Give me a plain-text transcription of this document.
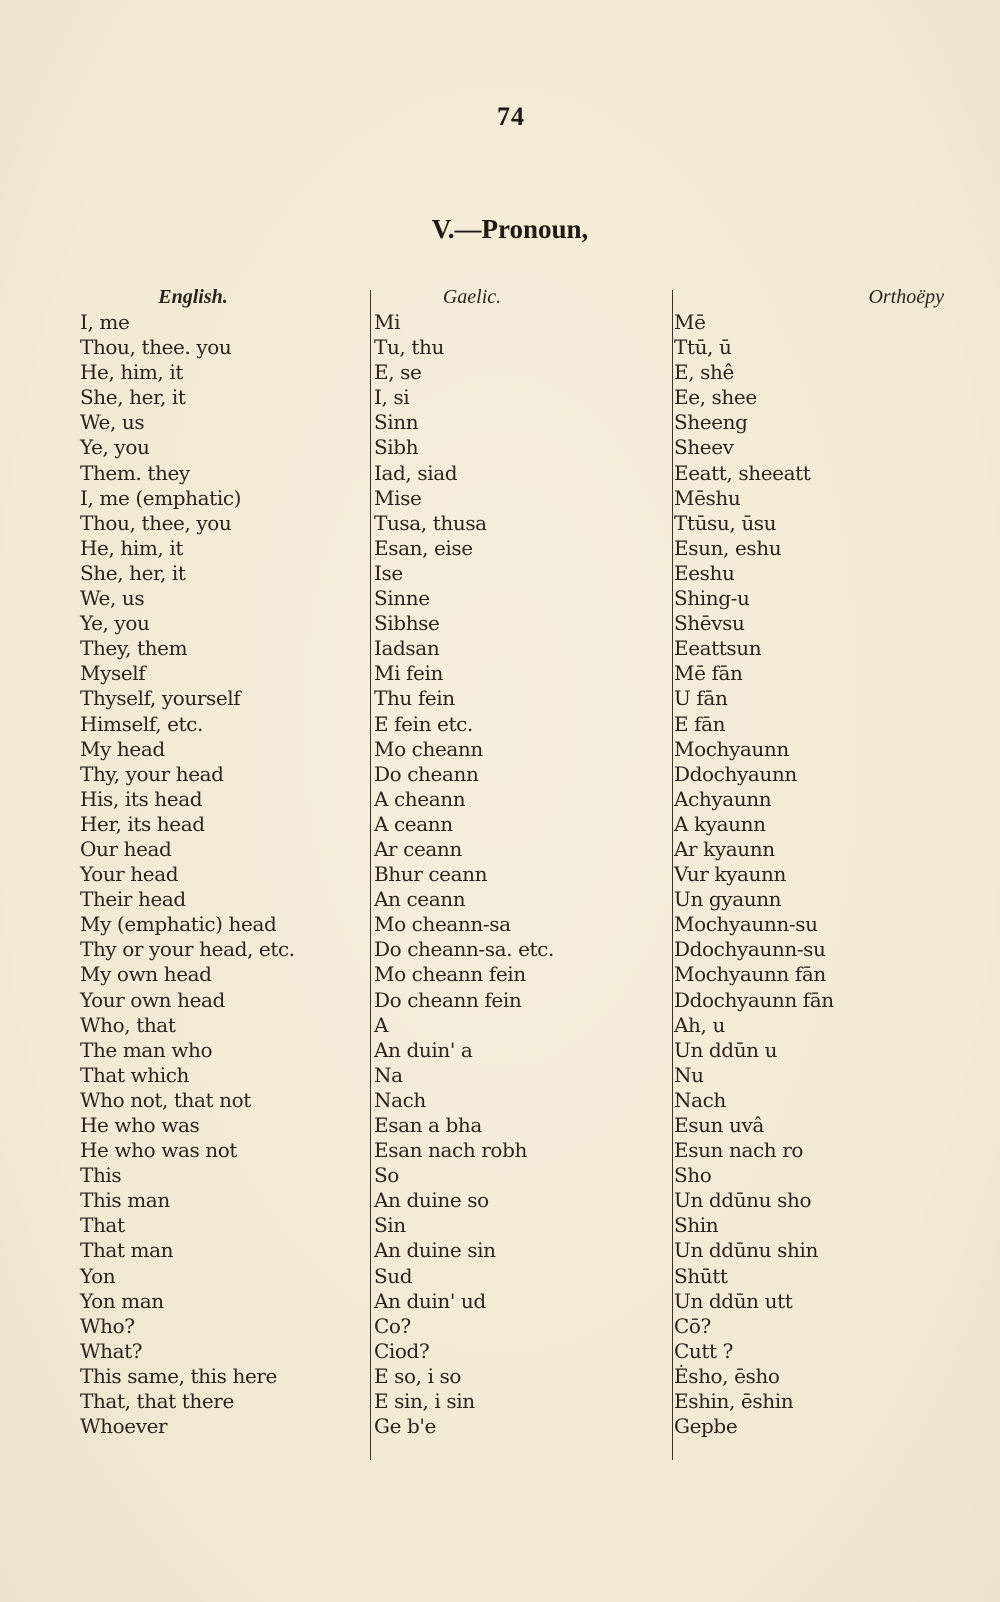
74
V.—Pronoun,
English.
I, me
Thou, thee. you
He, him, it
She, her, it
We, us
Ye, you
Them. they
I, me (emphatic)
Thou, thee, you
He, him, it
She, her, it
We, us
Ye, you
They, them
Myself
Thyself, yourself
Himself, etc.
My head
Thy, your head
His, its head
Her, its head
Our head
Your head
Their head
My (emphatic) head
Thy or your head, etc.
My own head
Your own head
Who, that
The man who
That which
Who not, that not
He who was
He who was not
This
This man
That
That man
Yon
Yon man
Who?
What?
This same, this here
That, that there
Whoever
Gaelic.
Mi
Tu, thu
E, se
I, si
Sinn
Sibh
Iad, siad
Mise
Tusa, thusa
Esan, eise
Ise
Sinne
Sibhse
Iadsan
Mi fein
Thu fein
E fein etc.
Mo cheann
Do cheann
A cheann
A ceann
Ar ceann
Bhur ceann
An ceann
Mo cheann-sa
Do cheann-sa. etc.
Mo cheann fein
Do cheann fein
A
An duin' a
Na
Nach
Esan a bha
Esan nach robh
So
An duine so
Sin
An duine sin
Sud
An duin' ud
Co?
Ciod?
E so, i so
E sin, i sin
Ge b'e
Orthoëpy
Mē
Ttū, ū
E, shê
Ee, shee
Sheeng
Sheev
Eeatt, sheeatt
Mēshu
Ttūsu, ūsu
Esun, eshu
Eeshu
Shing-u
Shēvsu
Eeattsun
Mē fān
U fān
E fān
Mochyaunn
Ddochyaunn
Achyaunn
A kyaunn
Ar kyaunn
Vur kyaunn
Un gyaunn
Mochyaunn-su
Ddochyaunn-su
Mochyaunn fān
Ddochyaunn fān
Ah, u
Un ddūn u
Nu
Nach
Esun uvâ
Esun nach ro
Sho
Un ddūnu sho
Shin
Un ddūnu shin
Shūtt
Un ddūn utt
Cō?
Cutt ?
Ėsho, ēsho
Eshin, ēshin
Gepbe
